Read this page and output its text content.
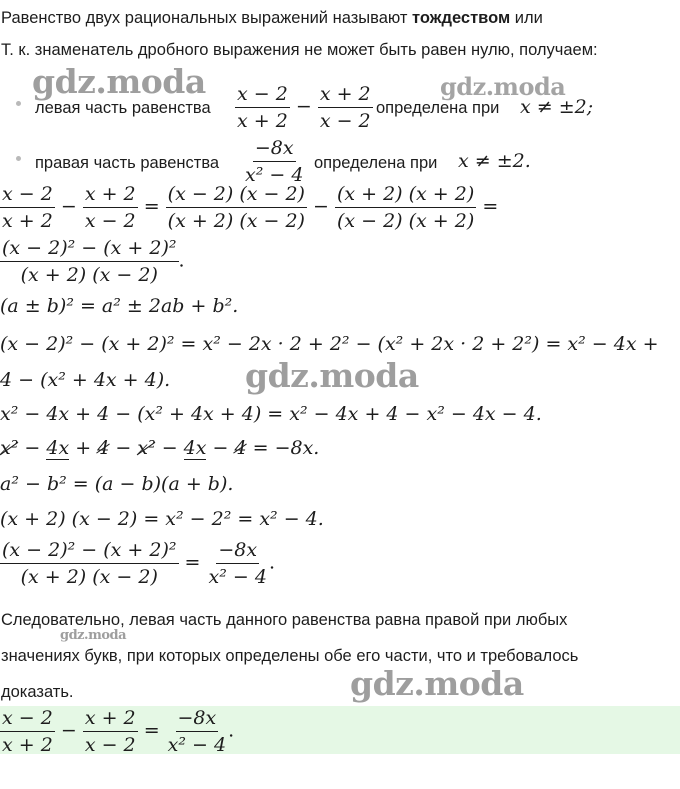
Равенство двух рациональных выражений называют тождеством или
Т. к. знаменатель дробного выражения не может быть равен нулю, получаем:
gdz.moda	gdz.moda
gdz.moda
gdz.moda
gdz.moda
левая часть равенства $\frac{x - 2}{x + 2} - \frac{x + 2}{x - 2}$ определена при x ≠ ±2;
правая часть равенства $\frac{-8x}{\text{x² − 4}}$ определена при x ≠ ±2.
$\frac{x - 2}{x + 2} - \frac{x + 2}{x - 2} = \frac{(x - 2) (x - 2)}{(x + 2) (x - 2)} - \frac{(x + 2) (x + 2)}{(x - 2) (x + 2)}$ =
$\frac{\text{(x − 2)² − (x + 2)²}}{(x + 2) (x - 2)}$ .
(a ± b)² = a² ± 2ab + b².
(x − 2)² − (x + 2)² = x² − 2x · 2 + 2² − (x² + 2x · 2 + 2²) = x² − 4x +
4 − (x² + 4x + 4).
x² − 4x + 4 − (x² + 4x + 4) = x² − 4x + 4 − x² − 4x − 4.
x² − 4x + 4 − x² − 4x − 4 = −8x.
a² − b² = (a − b)(a + b).
(x + 2) (x − 2) = x² − 2² = x² − 4.
$\frac{\text{(x − 2)² − (x + 2)²}}{(x + 2) (x - 2)} = \frac{-8x}{\text{x² − 4}}$ .
Следовательно, левая часть данного равенства равна правой при любых
значениях букв, при которых определены обе его части, что и требовалось
доказать.
$\frac{x - 2}{x + 2} - \frac{x + 2}{x - 2} = \frac{-8x}{\text{x² − 4}}$ .
